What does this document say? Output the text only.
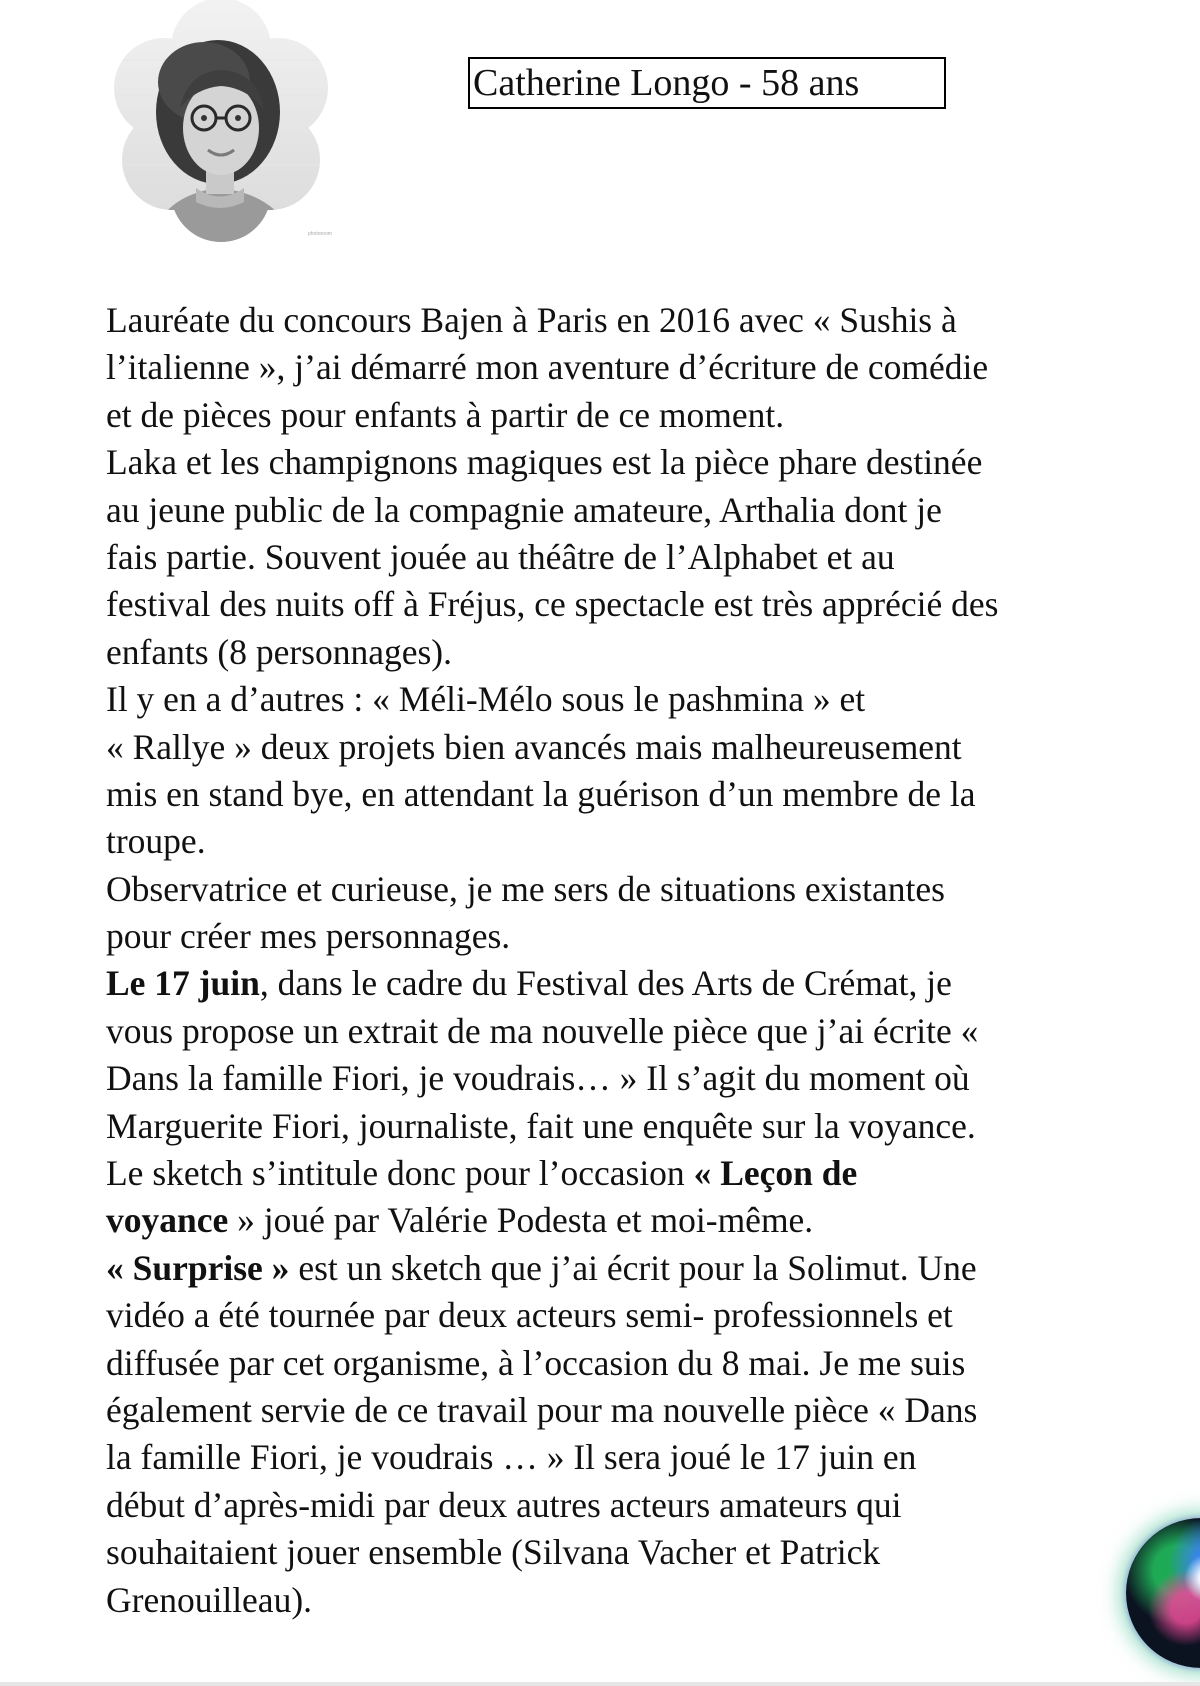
photoroom
Catherine Longo - 58 ans
Lauréate du concours Bajen à Paris en 2016 avec « Sushis à
l’italienne », j’ai démarré mon aventure d’écriture de comédie
et de pièces pour enfants à partir de ce moment.
Laka et les champignons magiques est la pièce phare destinée
au jeune public de la compagnie amateure, Arthalia dont je
fais partie. Souvent jouée au théâtre de l’Alphabet et au
festival des nuits off à Fréjus, ce spectacle est très apprécié des
enfants (8 personnages).
Il y en a d’autres : « Méli-Mélo sous le pashmina » et
« Rallye » deux projets bien avancés mais malheureusement
mis en stand bye, en attendant la guérison d’un membre de la
troupe.
Observatrice et curieuse, je me sers de situations existantes
pour créer mes personnages.
Le 17 juin, dans le cadre du Festival des Arts de Crémat, je
vous propose un extrait de ma nouvelle pièce que j’ai écrite «
Dans la famille Fiori, je voudrais… » Il s’agit du moment où
Marguerite Fiori, journaliste, fait une enquête sur la voyance.
Le sketch s’intitule donc pour l’occasion « Leçon de
voyance » joué par Valérie Podesta et moi-même.
« Surprise » est un sketch que j’ai écrit pour la Solimut. Une
vidéo a été tournée par deux acteurs semi- professionnels et
diffusée par cet organisme, à l’occasion du 8 mai. Je me suis
également servie de ce travail pour ma nouvelle pièce « Dans
la famille Fiori, je voudrais … » Il sera joué le 17 juin en
début d’après-midi par deux autres acteurs amateurs qui
souhaitaient jouer ensemble (Silvana Vacher et Patrick
Grenouilleau).
